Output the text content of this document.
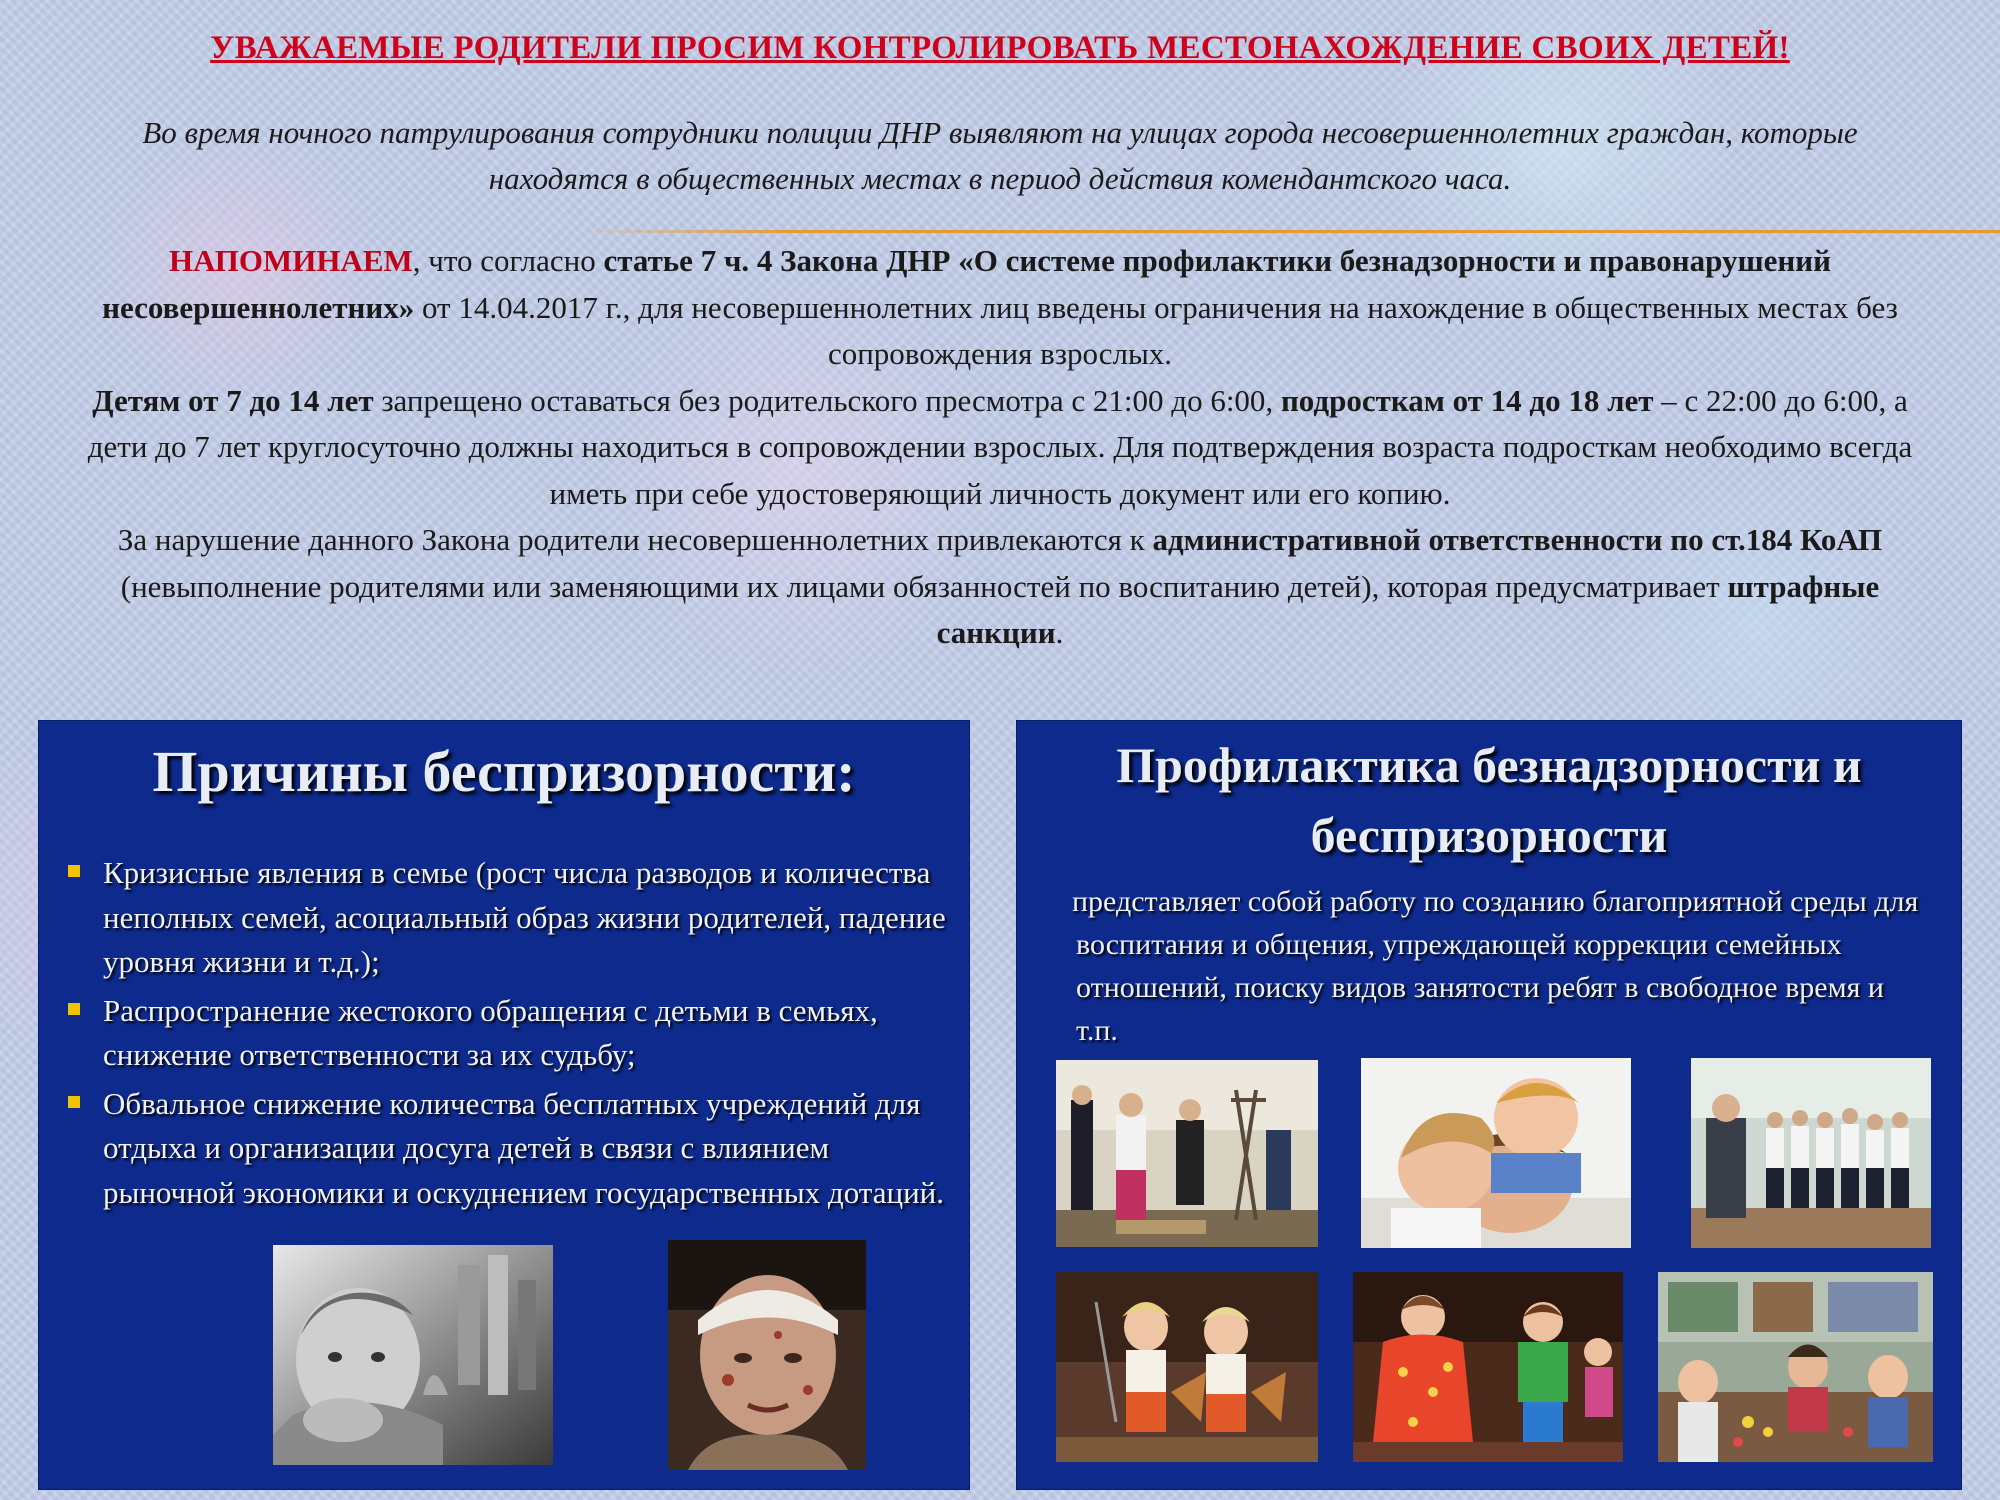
УВАЖАЕМЫЕ РОДИТЕЛИ ПРОСИМ КОНТРОЛИРОВАТЬ МЕСТОНАХОЖДЕНИЕ СВОИХ ДЕТЕЙ!
Во время ночного патрулирования сотрудники полиции ДНР выявляют на улицах города несовершеннолетних граждан, которые находятся в общественных местах в период действия комендантского часа.

НАПОМИНАЕМ, что согласно статье 7 ч. 4 Закона ДНР «О системе профилактики безнадзорности и правонарушений несовершеннолетних» от 14.04.2017 г., для несовершеннолетних лиц введены ограничения на нахождение в общественных местах без сопровождения взрослых.

Детям от 7 до 14 лет запрещено оставаться без родительского пресмотра с 21:00 до 6:00, подросткам от 14 до 18 лет – с 22:00 до 6:00, а дети до 7 лет круглосуточно должны находиться в сопровождении взрослых. Для подтверждения возраста подросткам необходимо всегда иметь при себе удостоверяющий личность документ или его копию.

За нарушение данного Закона родители несовершеннолетних привлекаются к административной ответственности по ст.184 КоАП (невыполнение родителями или заменяющими их лицами обязанностей по воспитанию детей), которая предусматривает штрафные санкции.

Причины беспризорности:
Кризисные явления в семье (рост числа разводов и количества неполных семей, асоциальный образ жизни родителей, падение уровня жизни и т.д.);
Распространение жестокого обращения с детьми в семьях, снижение ответственности за их судьбу;
Обвальное снижение количества бесплатных учреждений для отдыха и организации досуга детей в связи с влиянием рыночной экономики и оскуднением государственных дотаций.
Профилактика безнадзорности и
беспризорности
представляет собой работу по созданию благоприятной среды для воспитания и общения, упреждающей коррекции семейных отношений, поиску видов занятости ребят в свободное время и т.п.
